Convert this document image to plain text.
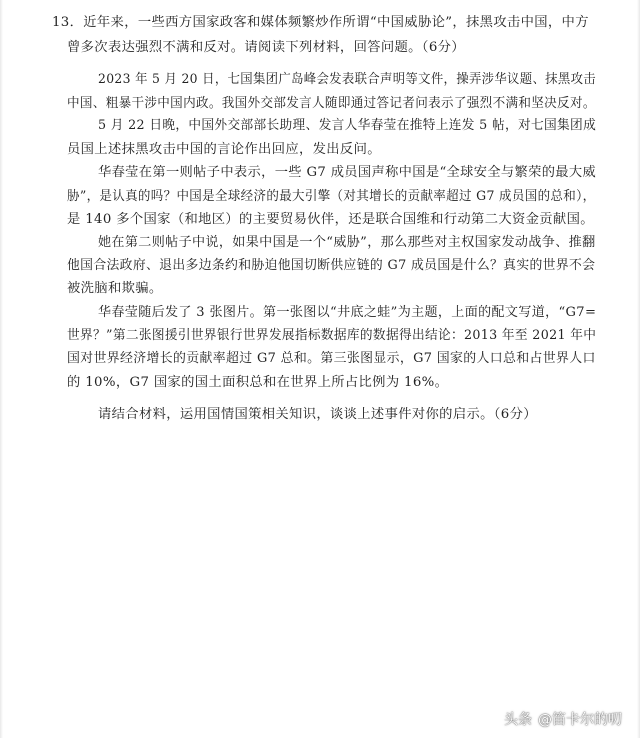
13．近年来，一些西方国家政客和媒体频繁炒作所谓“中国威胁论”，抹黑攻击中国，中方
曾多次表达强烈不满和反对。请阅读下列材料，回答问题。（6分）
2023 年 5 月 20 日，七国集团广岛峰会发表联合声明等文件，操弄涉华议题、抹黑攻击
中国、粗暴干涉中国内政。我国外交部发言人随即通过答记者问表示了强烈不满和坚决反对。
5 月 22 日晚，中国外交部部长助理、发言人华春莹在推特上连发 5 帖，对七国集团成
员国上述抹黑攻击中国的言论作出回应，发出反问。
华春莹在第一则帖子中表示，一些 G7 成员国声称中国是“全球安全与繁荣的最大威
胁”，是认真的吗？中国是全球经济的最大引擎（对其增长的贡献率超过 G7 成员国的总和），
是 140 多个国家（和地区）的主要贸易伙伴，还是联合国维和行动第二大资金贡献国。
她在第二则帖子中说，如果中国是一个“威胁”，那么那些对主权国家发动战争、推翻
他国合法政府、退出多边条约和胁迫他国切断供应链的 G7 成员国是什么？真实的世界不会
被洗脑和欺骗。
华春莹随后发了 3 张图片。第一张图以“井底之蛙”为主题，上面的配文写道，“G7=
世界？”第二张图援引世界银行世界发展指标数据库的数据得出结论：2013 年至 2021 年中
国对世界经济增长的贡献率超过 G7 总和。第三张图显示，G7 国家的人口总和占世界人口
的 10%，G7 国家的国土面积总和在世界上所占比例为 16%。
请结合材料，运用国情国策相关知识，谈谈上述事件对你的启示。（6分）
头条 @笛卡尔的叨
